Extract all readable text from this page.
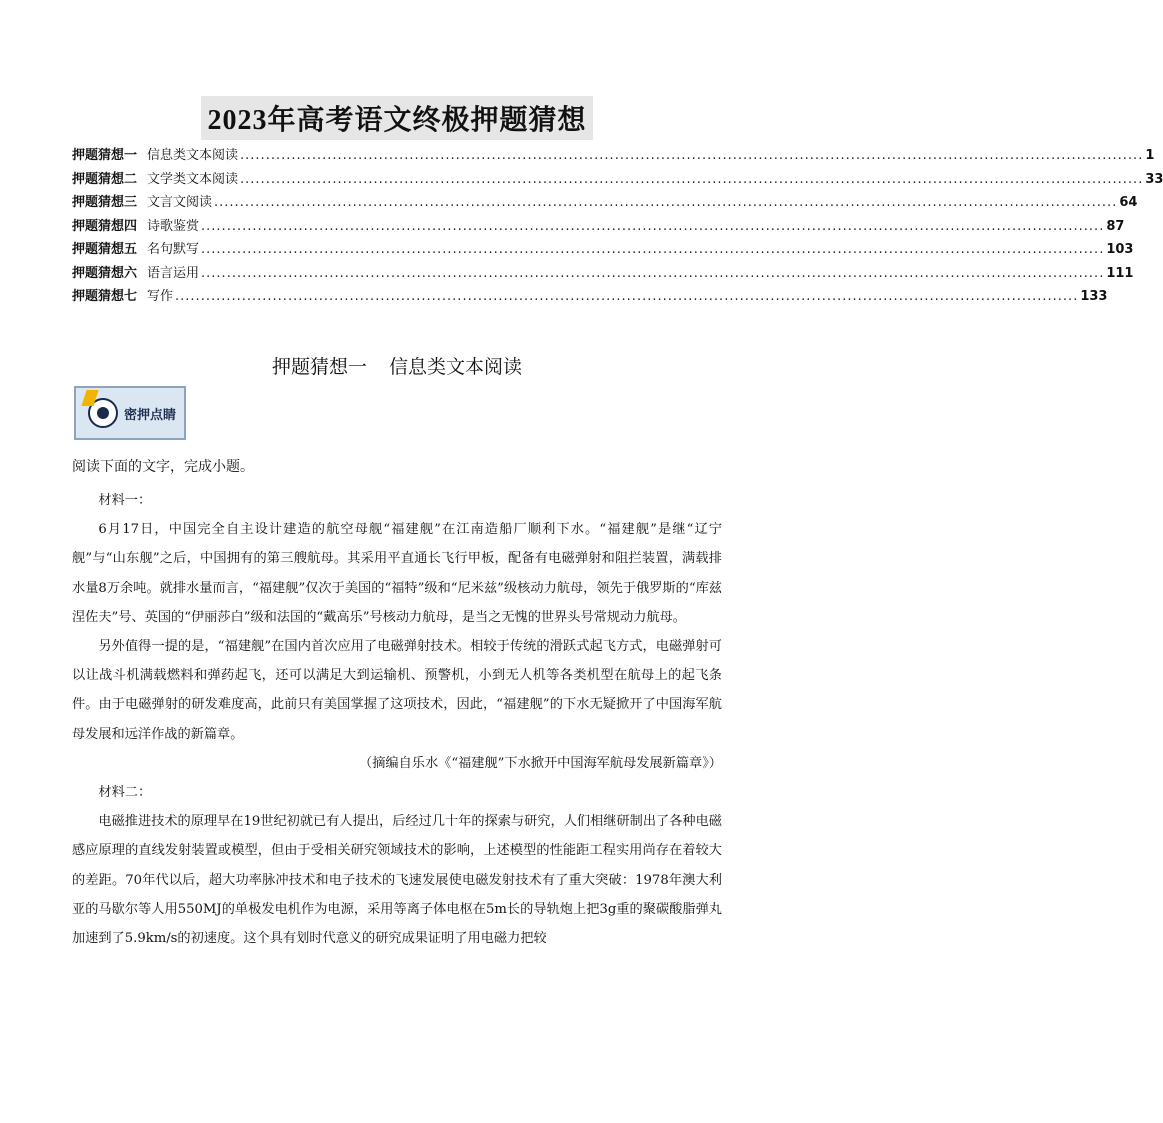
2023年高考语文终极押题猜想
押题猜想一 信息类文本阅读 ................................................................................................................................................................................ 1
押题猜想二 文学类文本阅读 ................................................................................................................................................................................ 33
押题猜想三 文言文阅读 ................................................................................................................................................................................ 64
押题猜想四 诗歌鉴赏 ................................................................................................................................................................................ 87
押题猜想五 名句默写 ................................................................................................................................................................................ 103
押题猜想六 语言运用 ................................................................................................................................................................................ 111
押题猜想七 写作 ................................................................................................................................................................................ 133
押题猜想一 信息类文本阅读
密押点睛
阅读下面的文字，完成小题。

材料一：

6月17日，中国完全自主设计建造的航空母舰“福建舰”在江南造船厂顺利下水。“福建舰”是继“辽宁舰”与“山东舰”之后，中国拥有的第三艘航母。其采用平直通长飞行甲板，配备有电磁弹射和阻拦装置，满载排水量8万余吨。就排水量而言，“福建舰”仅次于美国的“福特”级和“尼米兹”级核动力航母，领先于俄罗斯的“库兹涅佐夫”号、英国的“伊丽莎白”级和法国的“戴高乐”号核动力航母，是当之无愧的世界头号常规动力航母。

另外值得一提的是，“福建舰”在国内首次应用了电磁弹射技术。相较于传统的滑跃式起飞方式，电磁弹射可以让战斗机满载燃料和弹药起飞，还可以满足大到运输机、预警机，小到无人机等各类机型在航母上的起飞条件。由于电磁弹射的研发难度高，此前只有美国掌握了这项技术，因此，“福建舰”的下水无疑掀开了中国海军航母发展和远洋作战的新篇章。

（摘编自乐水《“福建舰”下水掀开中国海军航母发展新篇章》）

材料二：

电磁推进技术的原理早在19世纪初就已有人提出，后经过几十年的探索与研究，人们相继研制出了各种电磁感应原理的直线发射装置或模型，但由于受相关研究领域技术的影响，上述模型的性能距工程实用尚存在着较大的差距。70年代以后，超大功率脉冲技术和电子技术的飞速发展使电磁发射技术有了重大突破：1978年澳大利亚的马歇尔等人用550MJ的单极发电机作为电源，采用等离子体电枢在5m长的导轨炮上把3g重的聚碳酸脂弹丸加速到了5.9km/s的初速度。这个具有划时代意义的研究成果证明了用电磁力把较
